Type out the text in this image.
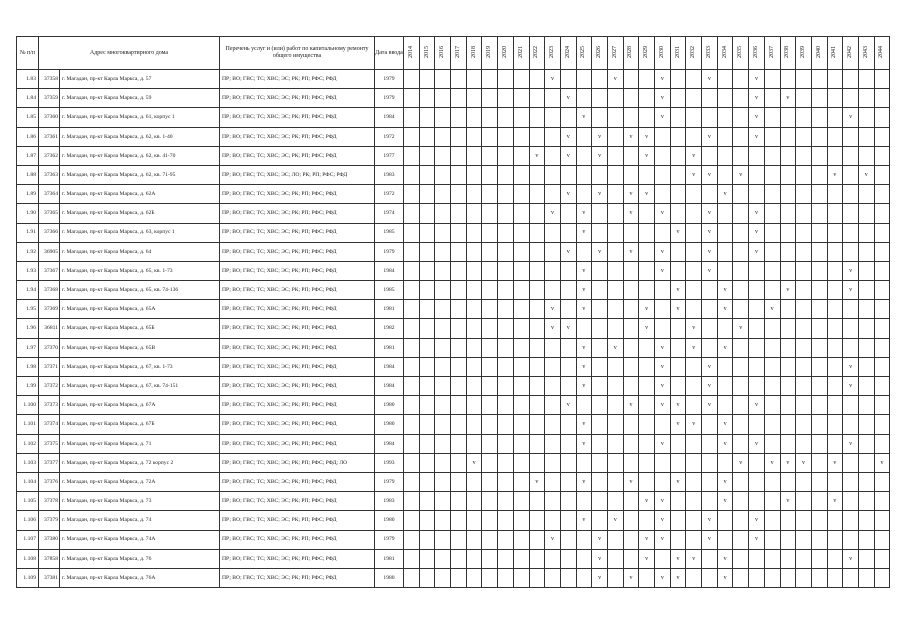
№ п/п	Адрес многоквартирного дома		Перечень услуг и (или) работ по капитальному ремонту общего имущества	Дата ввода	2014	2015	2016	2017	2018	2019	2020	2021	2022	2023	2024	2025	2026	2027	2028	2029	2030	2031	2032	2033	2034	2035	2036	2037	2038	2039	2040	2041	2042	2043	2044
1.83	37358	г. Магадан, пр-кт Карла Маркса, д. 57	ПР; ВО; ГВС; ТС; ХВС; ЭС; РК; РП; РФС; РФД	1979										v				v			v			v			v								
1.84	37359	г. Магадан, пр-кт Карла Маркса, д. 59	ПР; ВО; ГВС; ТС; ХВС; ЭС; РК; РП; РФС; РФД	1979											v						v						v		v						
1.85	37360	г. Магадан, пр-кт Карла Маркса, д. 61, корпус 1	ПР; ВО; ГВС; ТС; ХВС; ЭС; РК; РП; РФС; РФД	1984												v					v						v						v		
1.86	37361	г. Магадан, пр-кт Карла Маркса, д. 62, кв. 1-40	ПР; ВО; ГВС; ТС; ХВС; ЭС; РК; РП; РФС; РФД	1972											v		v		v	v				v			v								
1.87	37362	г. Магадан, пр-кт Карла Маркса, д. 62, кв. 41-70	ПР; ВО; ГВС; ТС; ХВС; ЭС; РК; РП; РФС; РФД	1977									v		v		v			v			v												
1.88	37363	г. Магадан, пр-кт Карла Маркса, д. 62, кв. 71-95	ПР; ВО; ГВС; ТС; ХВС; ЭС; ЛО; РК; РП; РФС; РФД	1983																			v	v		v						v		v	
1.89	37364	г. Магадан, пр-кт Карла Маркса, д. 62А	ПР; ВО; ГВС; ТС; ХВС; ЭС; РК; РП; РФС; РФД	1972											v		v		v	v					v										
1.90	37365	г. Магадан, пр-кт Карла Маркса, д. 62Б	ПР; ВО; ГВС; ТС; ХВС; ЭС; РК; РП; РФС; РФД	1974										v		v			v		v			v			v								
1.91	37366	г. Магадан, пр-кт Карла Маркса, д. 63, корпус 1	ПР; ВО; ГВС; ТС; ХВС; ЭС; РК; РП; РФС; РФД	1985												v						v		v			v								
1.92	36905	г. Магадан, пр-кт Карла Маркса, д. 64	ПР; ВО; ГВС; ТС; ХВС; ЭС; РК; РП; РФС; РФД	1979											v		v		v		v			v			v								
1.93	37367	г. Магадан, пр-кт Карла Маркса, д. 65, кв. 1-73	ПР; ВО; ГВС; ТС; ХВС; ЭС; РК; РП; РФС; РФД	1984												v					v			v									v		
1.94	37368	г. Магадан, пр-кт Карла Маркса, д. 65, кв. 74-136	ПР; ВО; ГВС; ТС; ХВС; ЭС; РК; РП; РФС; РФД	1985												v						v			v				v				v		
1.95	37369	г. Магадан, пр-кт Карла Маркса, д. 65А	ПР; ВО; ГВС; ТС; ХВС; ЭС; РК; РП; РФС; РФД	1981										v		v				v		v			v			v							
1.96	36811	г. Магадан, пр-кт Карла Маркса, д. 65Б	ПР; ВО; ГВС; ТС; ХВС; ЭС; РК; РП; РФС; РФД	1982										v	v					v			v			v									
1.97	37370	г. Магадан, пр-кт Карла Маркса, д. 65В	ПР; ВО; ГВС; ТС; ХВС; ЭС; РК; РП; РФС; РФД	1981												v		v			v		v		v										
1.98	37371	г. Магадан, пр-кт Карла Маркса, д. 67, кв. 1-73	ПР; ВО; ГВС; ТС; ХВС; ЭС; РК; РП; РФС; РФД	1984												v					v			v									v		
1.99	37372	г. Магадан, пр-кт Карла Маркса, д. 67, кв. 74-151	ПР; ВО; ГВС; ТС; ХВС; ЭС; РК; РП; РФС; РФД	1984												v					v			v									v		
1.100	37373	г. Магадан, пр-кт Карла Маркса, д. 67А	ПР; ВО; ГВС; ТС; ХВС; ЭС; РК; РП; РФС; РФД	1980											v				v		v	v		v			v								
1.101	37374	г. Магадан, пр-кт Карла Маркса, д. 67Б	ПР; ВО; ГВС; ТС; ХВС; ЭС; РК; РП; РФС; РФД	1980												v						v	v		v										
1.102	37375	г. Магадан, пр-кт Карла Маркса, д. 71	ПР; ВО; ГВС; ТС; ХВС; ЭС; РК; РП; РФС; РФД	1984												v					v				v		v						v		
1.103	37377	г. Магадан, пр-кт Карла Маркса, д. 72 корпус 2	ПР; ВО; ГВС; ТС; ХВС; ЭС; РК; РП; РФС; РФД; ЛО	1993					v																	v		v	v	v		v			v
1.104	37376	г. Магадан, пр-кт Карла Маркса, д. 72А	ПР; ВО; ГВС; ТС; ХВС; ЭС; РК; РП; РФС; РФД	1979									v			v			v			v			v										
1.105	37378	г. Магадан, пр-кт Карла Маркса, д. 73	ПР; ВО; ГВС; ТС; ХВС; ЭС; РК; РП; РФС; РФД	1983																v	v				v				v			v			
1.106	37379	г. Магадан, пр-кт Карла Маркса, д. 74	ПР; ВО; ГВС; ТС; ХВС; ЭС; РК; РП; РФС; РФД	1980												v		v			v			v			v								
1.107	37380	г. Магадан, пр-кт Карла Маркса, д. 74А	ПР; ВО; ГВС; ТС; ХВС; ЭС; РК; РП; РФС; РФД	1979										v			v			v	v			v			v								
1.108	37858	г. Магадан, пр-кт Карла Маркса, д. 76	ПР; ВО; ГВС; ТС; ХВС; ЭС; РК; РП; РФС; РФД	1981													v			v		v	v		v								v		
1.109	37381	г. Магадан, пр-кт Карла Маркса, д. 76А	ПР; ВО; ГВС; ТС; ХВС; ЭС; РК; РП; РФС; РФД	1980													v		v		v	v			v										
